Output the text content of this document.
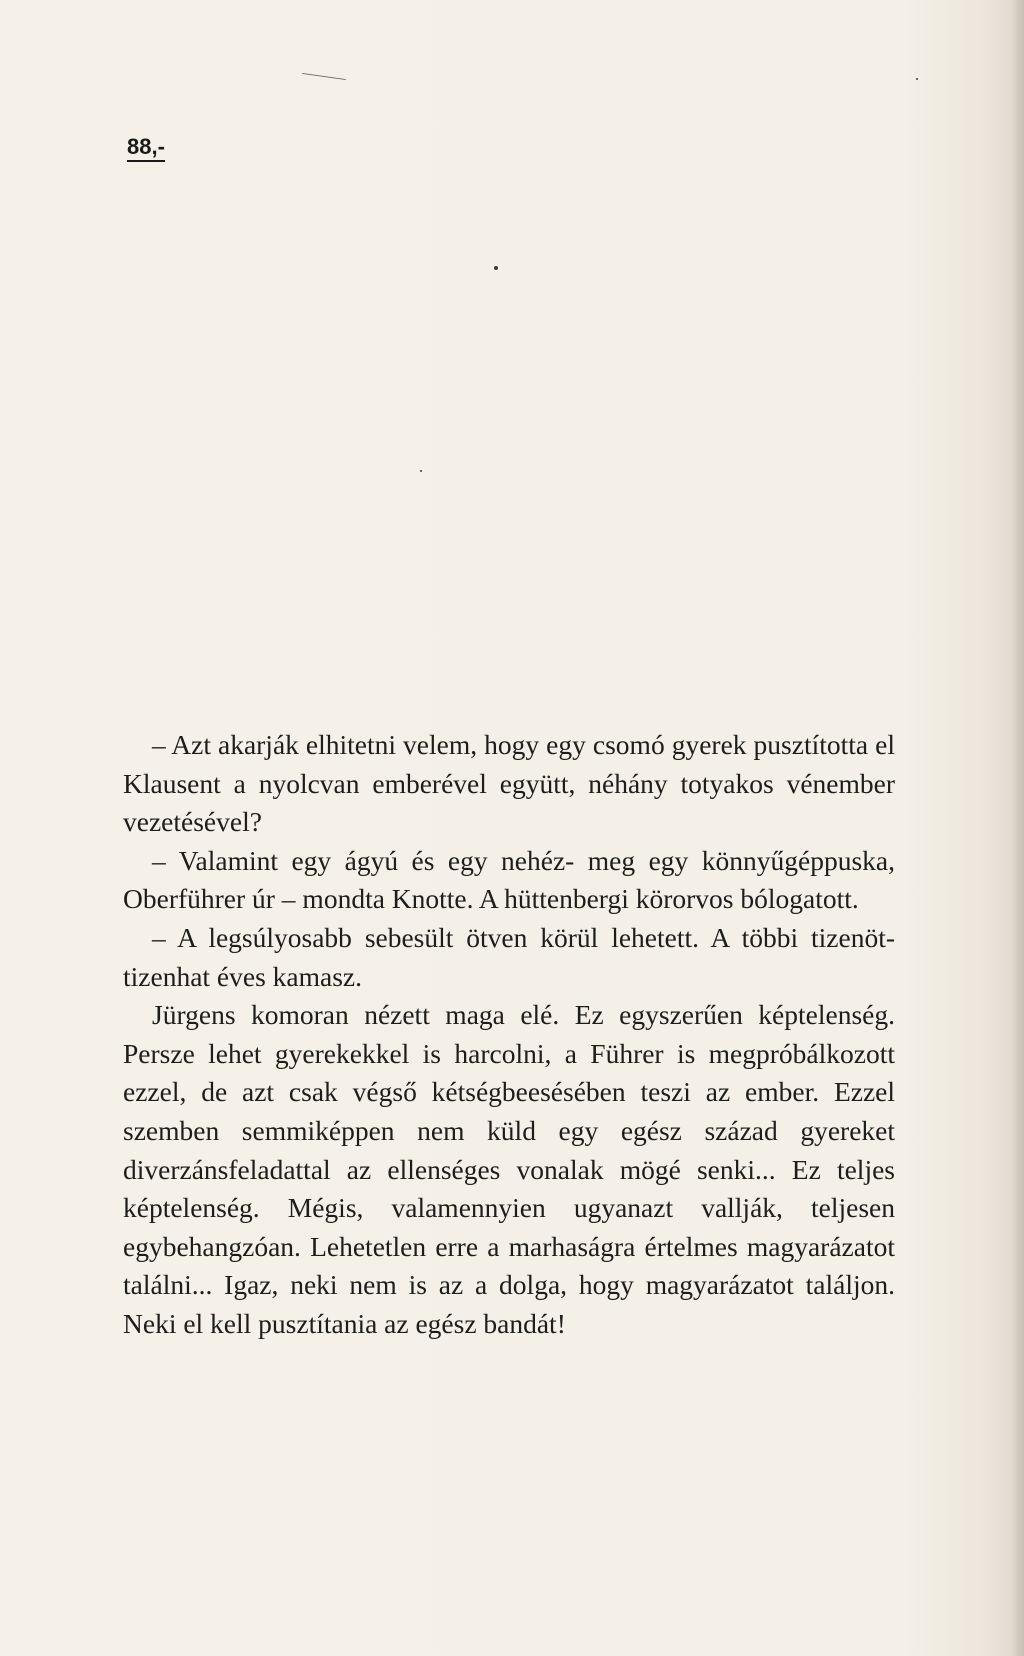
88,-

– Azt akarják elhitetni velem, hogy egy csomó gyerek pusztította el Klausent a nyolcvan emberével együtt, néhány totyakos vénember vezetésével?

– Valamint egy ágyú és egy nehéz- meg egy könnyűgéppuska, Oberführer úr – mondta Knotte. A hüttenbergi körorvos bólogatott.

– A legsúlyosabb sebesült ötven körül lehetett. A többi tizenöt-tizenhat éves kamasz.

Jürgens komoran nézett maga elé. Ez egyszerűen képtelenség. Persze lehet gyerekekkel is harcolni, a Führer is megpróbálkozott ezzel, de azt csak végső kétségbeesésében teszi az ember. Ezzel szemben semmiképpen nem küld egy egész század gyereket diverzánsfeladattal az ellenséges vonalak mögé senki... Ez teljes képtelenség. Mégis, valamennyien ugyanazt vallják, teljesen egybehangzóan. Lehetetlen erre a marhaságra értelmes magyarázatot találni... Igaz, neki nem is az a dolga, hogy magyarázatot találjon. Neki el kell pusztítania az egész bandát!
